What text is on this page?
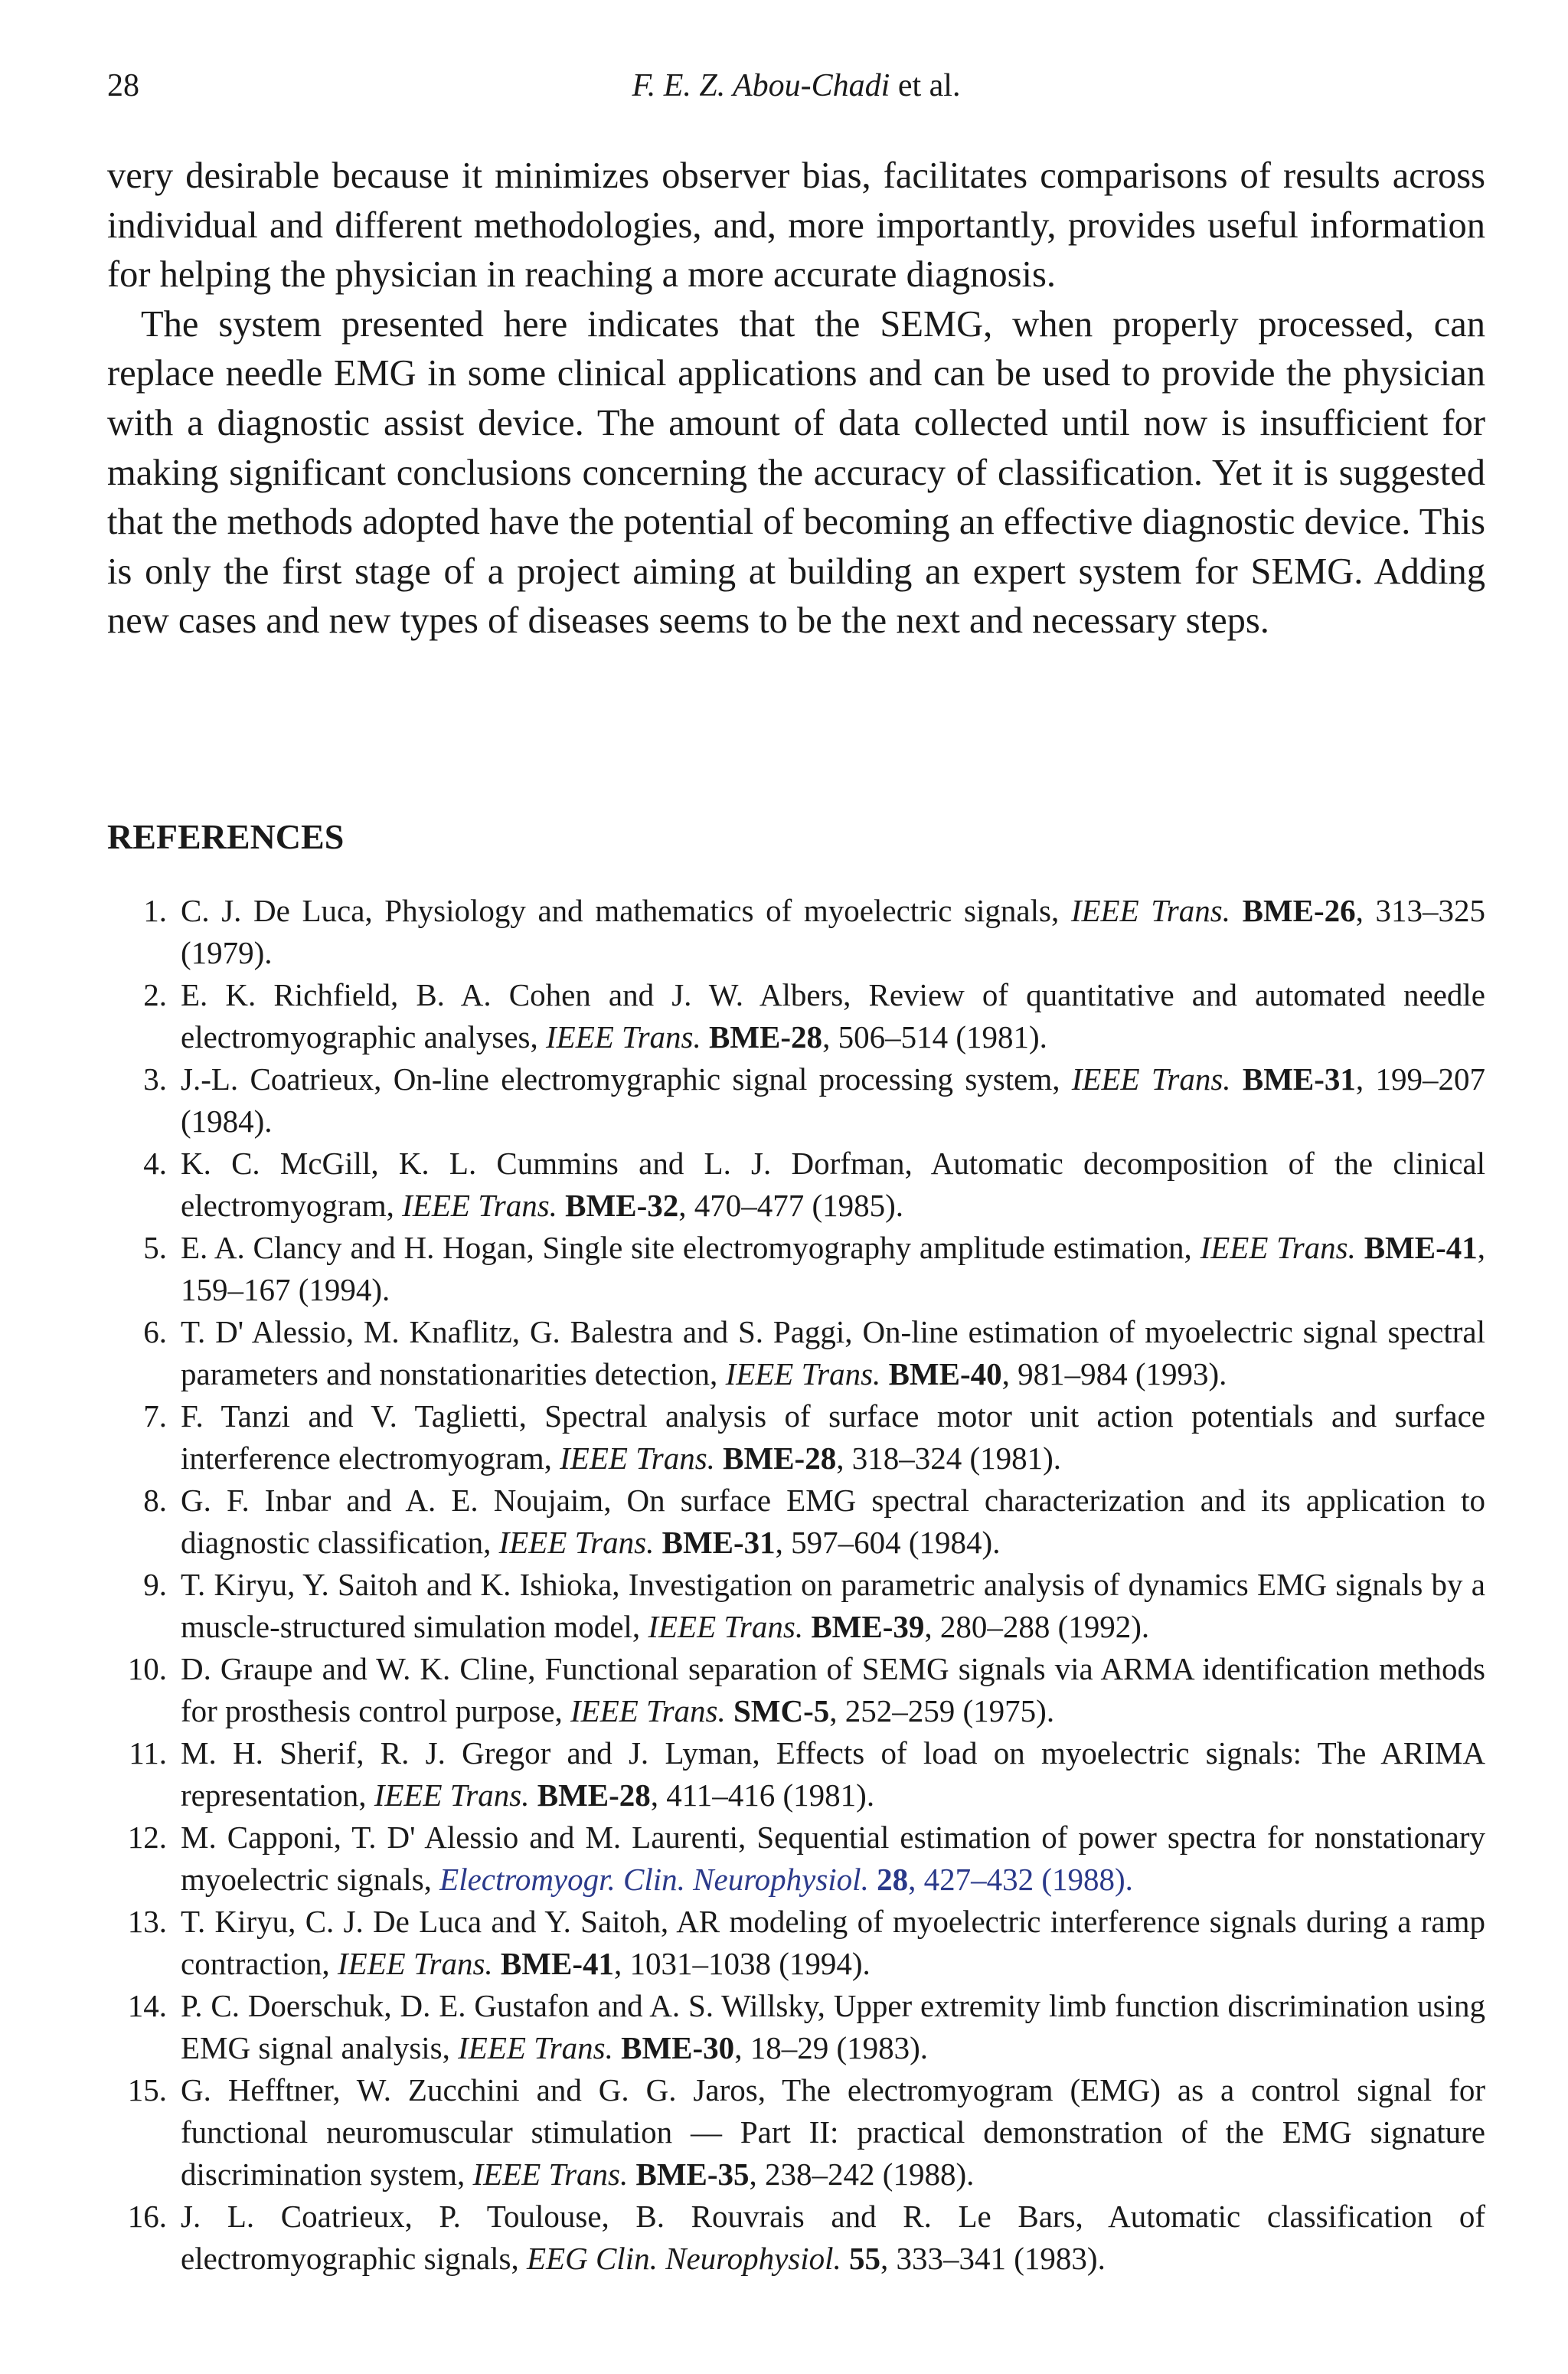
28	F. E. Z. Abou-Chadi et al.

very desirable because it minimizes observer bias, facilitates comparisons of results across individual and different methodologies, and, more importantly, provides useful information for helping the physician in reaching a more accurate diagnosis.

The system presented here indicates that the SEMG, when properly processed, can replace needle EMG in some clinical applications and can be used to provide the physician with a diagnostic assist device. The amount of data collected until now is insufficient for making significant conclusions concerning the accuracy of classification. Yet it is suggested that the methods adopted have the potential of becoming an effective diagnostic device. This is only the first stage of a project aiming at building an expert system for SEMG. Adding new cases and new types of diseases seems to be the next and necessary steps.

REFERENCES
1. C. J. De Luca, Physiology and mathematics of myoelectric signals, IEEE Trans. BME-26, 313–325 (1979).
2. E. K. Richfield, B. A. Cohen and J. W. Albers, Review of quantitative and automated needle electromyographic analyses, IEEE Trans. BME-28, 506–514 (1981).
3. J.-L. Coatrieux, On-line electromygraphic signal processing system, IEEE Trans. BME-31, 199–207 (1984).
4. K. C. McGill, K. L. Cummins and L. J. Dorfman, Automatic decomposition of the clinical electromyogram, IEEE Trans. BME-32, 470–477 (1985).
5. E. A. Clancy and H. Hogan, Single site electromyography amplitude estimation, IEEE Trans. BME-41, 159–167 (1994).
6. T. D' Alessio, M. Knaflitz, G. Balestra and S. Paggi, On-line estimation of myoelectric signal spectral parameters and nonstationarities detection, IEEE Trans. BME-40, 981–984 (1993).
7. F. Tanzi and V. Taglietti, Spectral analysis of surface motor unit action potentials and surface interference electromyogram, IEEE Trans. BME-28, 318–324 (1981).
8. G. F. Inbar and A. E. Noujaim, On surface EMG spectral characterization and its application to diagnostic classification, IEEE Trans. BME-31, 597–604 (1984).
9. T. Kiryu, Y. Saitoh and K. Ishioka, Investigation on parametric analysis of dynamics EMG signals by a muscle-structured simulation model, IEEE Trans. BME-39, 280–288 (1992).
10. D. Graupe and W. K. Cline, Functional separation of SEMG signals via ARMA identification methods for prosthesis control purpose, IEEE Trans. SMC-5, 252–259 (1975).
11. M. H. Sherif, R. J. Gregor and J. Lyman, Effects of load on myoelectric signals: The ARIMA representation, IEEE Trans. BME-28, 411–416 (1981).
12. M. Capponi, T. D' Alessio and M. Laurenti, Sequential estimation of power spectra for nonstationary myoelectric signals, Electromyogr. Clin. Neurophysiol. 28, 427–432 (1988).
13. T. Kiryu, C. J. De Luca and Y. Saitoh, AR modeling of myoelectric interference signals during a ramp contraction, IEEE Trans. BME-41, 1031–1038 (1994).
14. P. C. Doerschuk, D. E. Gustafon and A. S. Willsky, Upper extremity limb function discrimination using EMG signal analysis, IEEE Trans. BME-30, 18–29 (1983).
15. G. Hefftner, W. Zucchini and G. G. Jaros, The electromyogram (EMG) as a control signal for functional neuromuscular stimulation — Part II: practical demonstration of the EMG signature discrimination system, IEEE Trans. BME-35, 238–242 (1988).
16. J. L. Coatrieux, P. Toulouse, B. Rouvrais and R. Le Bars, Automatic classification of electromyographic signals, EEG Clin. Neurophysiol. 55, 333–341 (1983).
